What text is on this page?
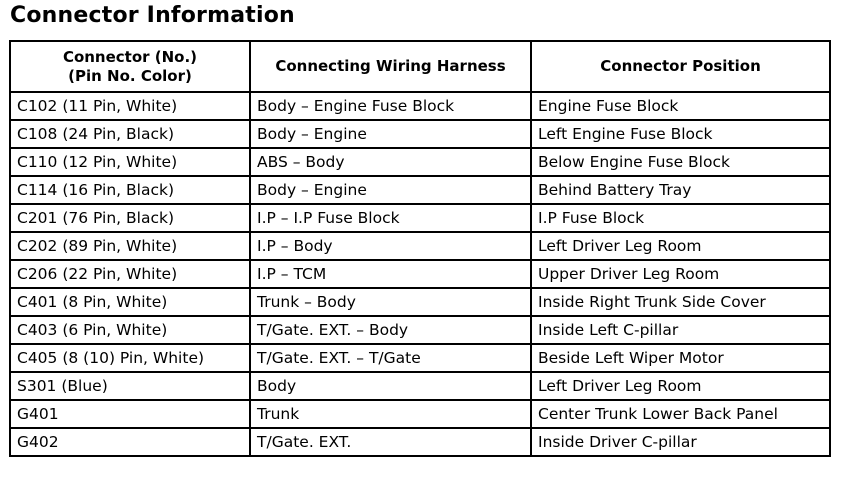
Connector Information
Connector (No.)
(Pin No. Color)	Connecting Wiring Harness	Connector Position
C102 (11 Pin, White)	Body – Engine Fuse Block	Engine Fuse Block
C108 (24 Pin, Black)	Body – Engine	Left Engine Fuse Block
C110 (12 Pin, White)	ABS – Body	Below Engine Fuse Block
C114 (16 Pin, Black)	Body – Engine	Behind Battery Tray
C201 (76 Pin, Black)	I.P – I.P Fuse Block	I.P Fuse Block
C202 (89 Pin, White)	I.P – Body	Left Driver Leg Room
C206 (22 Pin, White)	I.P – TCM	Upper Driver Leg Room
C401 (8 Pin, White)	Trunk – Body	Inside Right Trunk Side Cover
C403 (6 Pin, White)	T/Gate. EXT. – Body	Inside Left C-pillar
C405 (8 (10) Pin, White)	T/Gate. EXT. – T/Gate	Beside Left Wiper Motor
S301 (Blue)	Body	Left Driver Leg Room
G401	Trunk	Center Trunk Lower Back Panel
G402	T/Gate. EXT.	Inside Driver C-pillar
